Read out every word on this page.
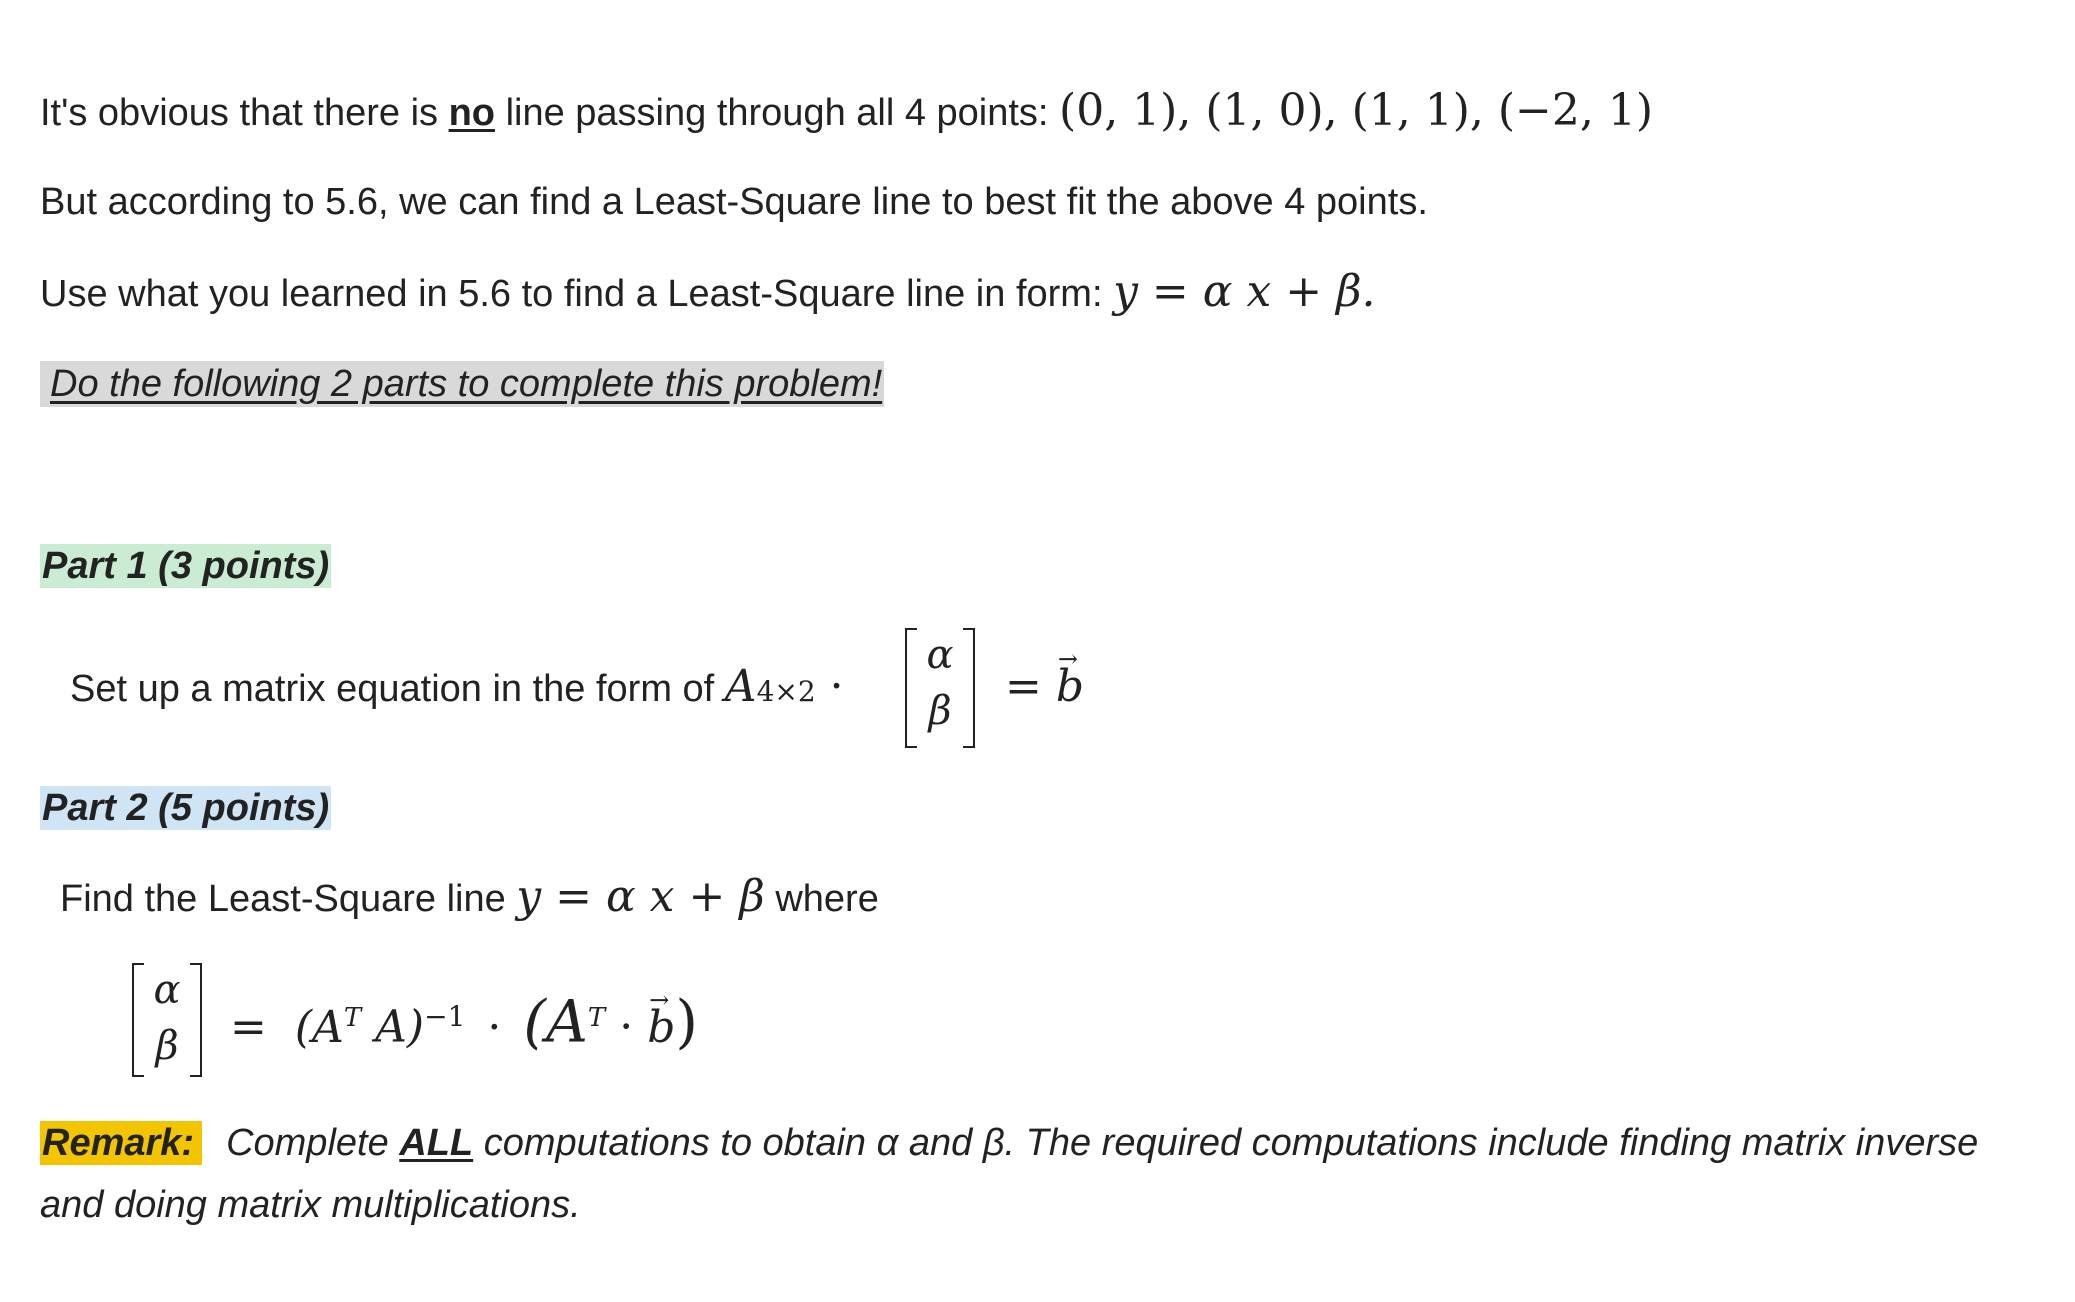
It's obvious that there is no line passing through all 4 points: (0, 1), (1, 0), (1, 1), (−2, 1)
But according to 5.6, we can find a Least-Square line to best fit the above 4 points.
Use what you learned in 5.6 to find a Least-Square line in form: y = α x + β.
Do the following 2 parts to complete this problem!
Part 1 (3 points)
Set up a matrix equation in the form of A4×2 ·
α
β	= → b
Part 2 (5 points)
Find the Least-Square line y = α x + β where
α
β	= ($A^T$ $A)^{-1} \cdot (A^T$ · → b)
Remark: Complete ALL computations to obtain α and β. The required computations include finding matrix inverse and doing matrix multiplications.
